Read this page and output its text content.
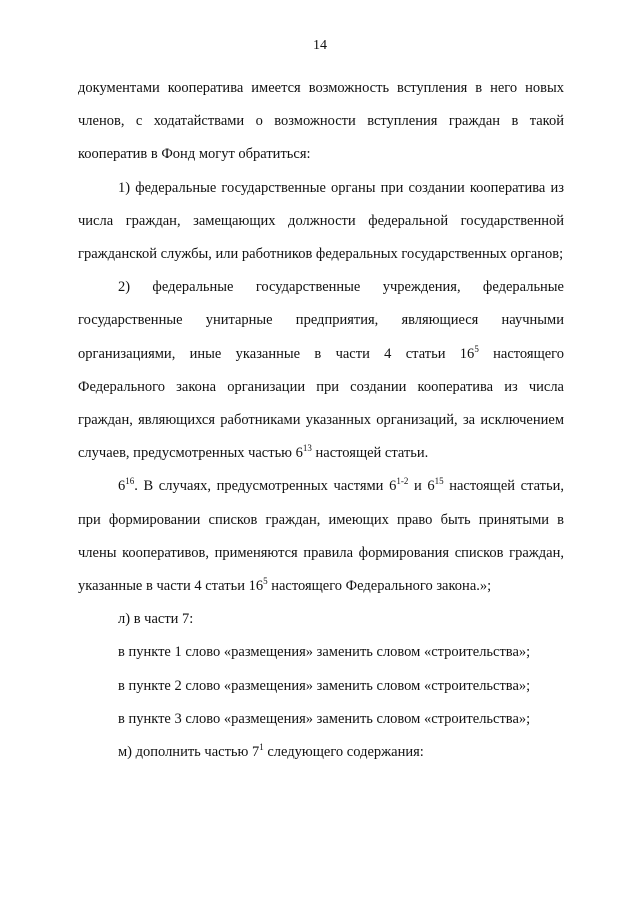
14

документами кооператива имеется возможность вступления в него новых членов, с ходатайствами о возможности вступления граждан в такой кооператив в Фонд могут обратиться:

1) федеральные государственные органы при создании кооператива из числа граждан, замещающих должности федеральной государственной гражданской службы, или работников федеральных государственных органов;

2) федеральные государственные учреждения, федеральные государственные унитарные предприятия, являющиеся научными организациями, иные указанные в части 4 статьи $16^5$ настоящего Федерального закона организации при создании кооператива из числа граждан, являющихся работниками указанных организаций, за исключением случаев, предусмотренных частью $6^{13}$ настоящей статьи.

$6^{16}$. В случаях, предусмотренных частями 6$^{1-2}$ и $6^{15}$ настоящей статьи, при формировании списков граждан, имеющих право быть принятыми в члены кооперативов, применяются правила формирования списков граждан, указанные в части 4 статьи $16^5$ настоящего Федерального закона.»;

л) в части 7:

в пункте 1 слово «размещения» заменить словом «строительства»;

в пункте 2 слово «размещения» заменить словом «строительства»;

в пункте 3 слово «размещения» заменить словом «строительства»;

м) дополнить частью $7^1$ следующего содержания:
